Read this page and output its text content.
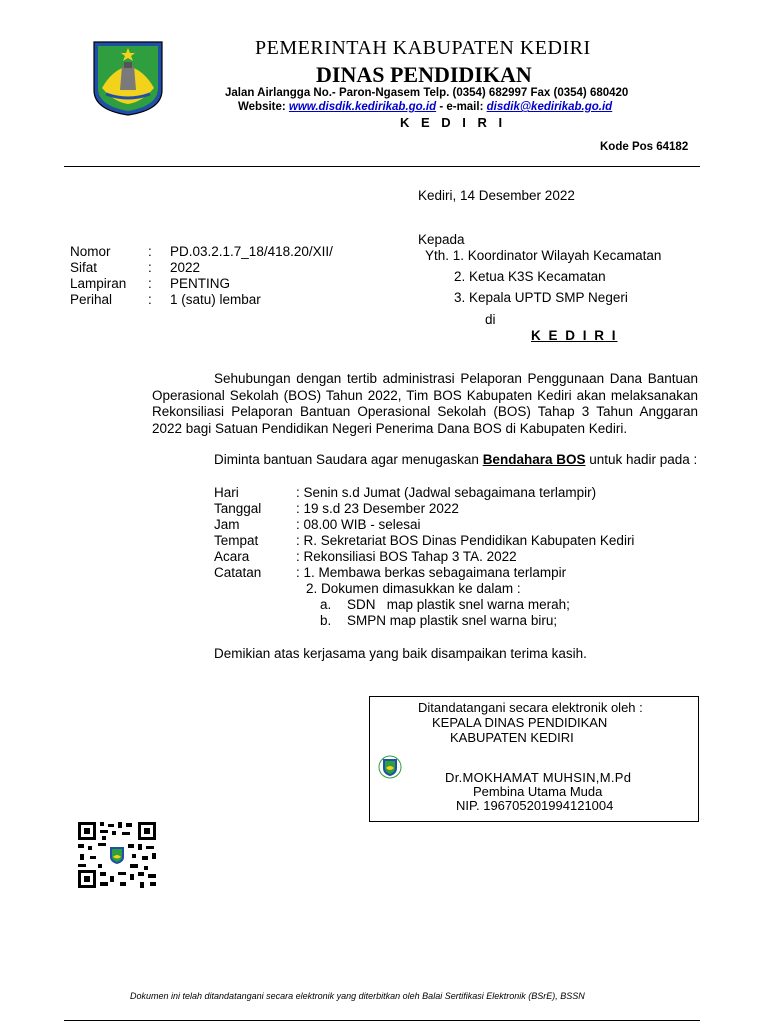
PEMERINTAH KABUPATEN KEDIRI
DINAS PENDIDIKAN
Jalan Airlangga No.- Paron-Ngasem Telp. (0354) 682997 Fax (0354) 680420
Website: www.disdik.kedirikab.go.id - e-mail: disdik@kedirikab.go.id
K E D I R I
Kode Pos 64182
Kediri, 14 Desember 2022
Nomor	: PD.03.2.1.7_18/418.20/XII/
Sifat	: 2022
Lampiran : PENTING
Perihal	: 1 (satu) lembar
Kepada
Yth. 1. Koordinator Wilayah Kecamatan
2. Ketua K3S Kecamatan
3. Kepala UPTD SMP Negeri
di
K E D I R I
Sehubungan dengan tertib administrasi Pelaporan Penggunaan Dana Bantuan Operasional Sekolah (BOS) Tahun 2022, Tim BOS Kabupaten Kediri akan melaksanakan Rekonsiliasi Pelaporan Bantuan Operasional Sekolah (BOS) Tahap 3 Tahun Anggaran 2022 bagi Satuan Pendidikan Negeri Penerima Dana BOS di Kabupaten Kediri.
Diminta bantuan Saudara agar menugaskan Bendahara BOS untuk hadir pada :
Hari	: Senin s.d Jumat (Jadwal sebagaimana terlampir)
Tanggal	: 19 s.d 23 Desember 2022
Jam	: 08.00 WIB - selesai
Tempat	: R. Sekretariat BOS Dinas Pendidikan Kabupaten Kediri
Acara	: Rekonsiliasi BOS Tahap 3 TA. 2022
Catatan	: 1. Membawa berkas sebagaimana terlampir
2. Dokumen dimasukkan ke dalam :
a. SDN   map plastik snel warna merah;
b. SMPN map plastik snel warna biru;
Demikian atas kerjasama yang baik disampaikan terima kasih.
Ditandatangani secara elektronik oleh :
KEPALA DINAS PENDIDIKAN
KABUPATEN KEDIRI
Dr.MOKHAMAT MUHSIN,M.Pd
Pembina Utama Muda
NIP. 196705201994121004
Dokumen ini telah ditandatangani secara elektronik yang diterbitkan oleh Balai Sertifikasi Elektronik (BSrE), BSSN
